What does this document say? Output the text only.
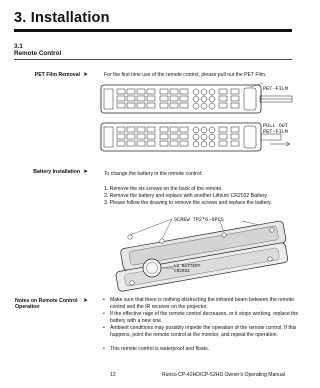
3. Installation
3.1
Remote Control
PET Film Removal ➤	For the first time use of the remote control, please pull out the PET Film.
PET-FILM
PULL OUT
PET-FILM
Battery Installation ➤	To change the battery in the remote control:
1. Remove the six screws on the back of the remote.
2. Remove the battery and replace with another Lithium CR2032 Battery.
3. Please follow the drawing to remove the screws and replace the battery.
SCREW TP2*6-6PCS
LI BATTERY
CR2032
Notes on Remote Control
Operation
➤	• Make sure that there is nothing obstructing the infrared beam between the remote control and the IR receiver on the projector.
• If the effective rage of the remote control decreases, or it stops working, replace the battery with a new one.
• Ambient conditions may possibly impede the operation of the remote control. If this happens, point the remote control at the monitor, and repeat the operation.
• This remote control is waterproof and floats.
12	Runco CP-42HD/CP-52HD Owner's Operating Manual
